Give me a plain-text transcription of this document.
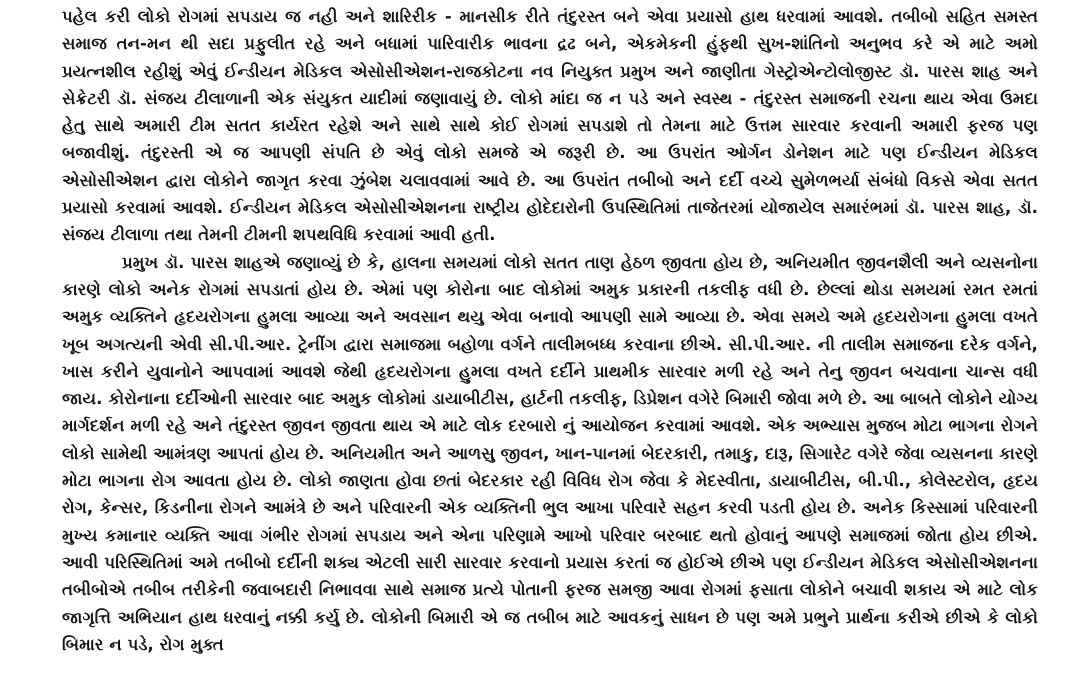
પહેલ કરી લોકો રોગમાં સપડાય જ નહી અને શારિરીક - માનસીક રીતે તંદુરસ્ત બને એવા પ્રયાસો હાથ ધરવામાં આવશે. તબીબો સહિત સમસ્ત સમાજ તન-મન થી સદા પ્રફુલીત રહે અને બધામાં પારિવારીક ભાવના દ્રઢ બને, એકમેકની હુંફથી સુખ-શાંતિનો અનુભવ કરે એ માટે અમો પ્રયત્નશીલ રહીશું એવું ઈન્ડીયન મેડિકલ એસોસીએશન-રાજકોટના નવ નિયુક્ત પ્રમુખ અને જાણીતા ગેસ્ટ્રોએન્ટોલોજીસ્ટ ડૉ. પારસ શાહ અને સેક્રેટરી ડૉ. સંજય ટીલાળાની એક સંયુકત યાદીમાં જણાવાયું છે. લોકો માંદા જ ન પડે અને સ્વસ્થ - તંદુરસ્ત સમાજની રચના થાય એવા ઉમદા હેતુ સાથે અમારી ટીમ સતત કાર્યરત રહેશે અને સાથે સાથે કોઈ રોગમાં સપડાશે તો તેમના માટે ઉત્તમ સારવાર કરવાની અમારી ફરજ પણ બજાવીશું. તંદુરસ્તી એ જ આપણી સંપતિ છે એવું લોકો સમજે એ જરૂરી છે. આ ઉપરાંત ઓર્ગન ડોનેશન માટે પણ ઈન્ડીયન મેડિકલ એસોસીએશન દ્વારા લોકોને જાગૃત કરવા ઝુંબેશ ચલાવવામાં આવે છે. આ ઉપરાંત તબીબો અને દર્દી વચ્ચે સુમેળભર્યા સંબંધો વિકસે એવા સતત પ્રયાસો કરવામાં આવશે. ઈન્ડીયન મેડિકલ એસોસીએશનના રાષ્ટ્રીય હોદેદારોની ઉપસ્થિતિમાં તાજેતરમાં યોજાયેલ સમારંભમાં ડૉ. પારસ શાહ, ડૉ. સંજય ટીલાળા તથા તેમની ટીમની શપથવિધિ કરવામાં આવી હતી.

પ્રમુખ ડૉ. પારસ શાહએ જણાવ્યું છે કે, હાલના સમયમાં લોકો સતત તાણ હેઠળ જીવતા હોય છે, અનિયમીત જીવનશૈલી અને વ્યસનોના કારણે લોકો અનેક રોગમાં સપડાતાં હોય છે. એમાં પણ કોરોના બાદ લોકોમાં અમુક પ્રકારની તકલીફ વધી છે. છેલ્લાં થોડા સમયમાં રમત રમતાં અમુક વ્યક્તિને હૃદયરોગના હુમલા આવ્યા અને અવસાન થયુ એવા બનાવો આપણી સામે આવ્યા છે. એવા સમયે અમે હૃદયરોગના હુમલા વખતે ખૂબ અગત્યની એવી સી.પી.આર. ટ્રેનીંગ દ્વારા સમાજમા બહોળા વર્ગને તાલીમબધ્ધ કરવાના છીએ. સી.પી.આર. ની તાલીમ સમાજના દરેક વર્ગને, ખાસ કરીને યુવાનોને આપવામાં આવશે જેથી હૃદયરોગના હુમલા વખતે દર્દીને પ્રાથમીક સારવાર મળી રહે અને તેનુ જીવન બચવાના ચાન્સ વધી જાય. કોરોનાના દર્દીઓની સારવાર બાદ અમુક લોકોમાં ડાયાબીટીસ, હાર્ટની તકલીફ, ડિપ્રેશન વગેરે બિમારી જોવા મળે છે. આ બાબતે લોકોને યોગ્ય માર્ગદર્શન મળી રહે અને તંદુરસ્ત જીવન જીવતા થાય એ માટે લોક દરબારો નું આયોજન કરવામાં આવશે. એક અભ્યાસ મુજબ મોટા ભાગના રોગને લોકો સામેથી આમંત્રણ આપતાં હોય છે. અનિયમીત અને આળસુ જીવન, ખાન-પાનમાં બેદરકારી, તમાકુ, દારૂ, સિગારેટ વગેરે જેવા વ્યસનના કારણે મોટા ભાગના રોગ આવતા હોય છે. લોકો જાણતા હોવા છતાં બેદરકાર રહી વિવિધ રોગ જેવા કે મેદસ્વીતા, ડાયાબીટીસ, બી.પી., કોલેસ્ટરોલ, હૃદય રોગ, કેન્સર, કિડનીના રોગને આમંત્રે છે અને પરિવારની એક વ્યક્તિની ભુલ આખા પરિવારે સહન કરવી પડતી હોય છે. અનેક કિસ્સામાં પરિવારની મુખ્ય કમાનાર વ્યક્તિ આવા ગંભીર રોગમાં સપડાય અને એના પરિણામે આખો પરિવાર બરબાદ થતો હોવાનું આપણે સમાજમાં જોતા હોય છીએ. આવી પરિસ્થિતિમાં અમે તબીબો દર્દીની શક્ય એટલી સારી સારવાર કરવાનો પ્રયાસ કરતાં જ હોઈએ છીએ પણ ઈન્ડીયન મેડિકલ એસોસીએશનના તબીબોએ તબીબ તરીકેની જવાબદારી નિભાવવા સાથે સમાજ પ્રત્યે પોતાની ફરજ સમજી આવા રોગમાં ફસાતા લોકોને બચાવી શકાય એ માટે લોક જાગૃત્તિ અભિયાન હાથ ધરવાનું નક્કી કર્યુ છે. લોકોની બિમારી એ જ તબીબ માટે આવકનું સાધન છે પણ અમે પ્રભુને પ્રાર્થના કરીએ છીએ કે લોકો બિમાર ન પડે, રોગ મુક્ત
